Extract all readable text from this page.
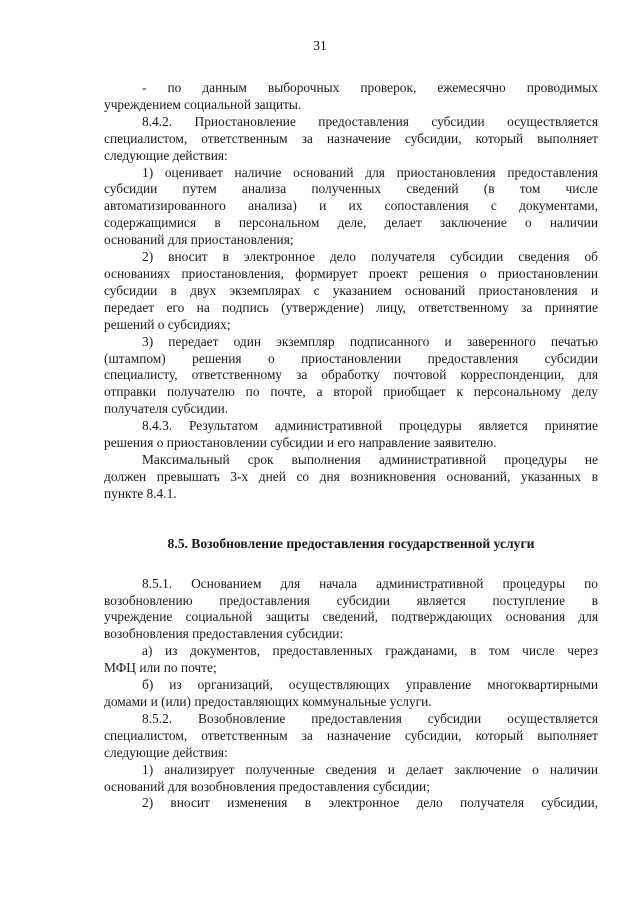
31
- по данным выборочных проверок, ежемесячно проводимых
учреждением социальной защиты.
8.4.2. Приостановление предоставления субсидии осуществляется
специалистом, ответственным за назначение субсидии, который выполняет
следующие действия:
1) оценивает наличие оснований для приостановления предоставления
субсидии путем анализа полученных сведений (в том числе
автоматизированного анализа) и их сопоставления с документами,
содержащимися в персональном деле, делает заключение о наличии
оснований для приостановления;
2) вносит в электронное дело получателя субсидии сведения об
основаниях приостановления, формирует проект решения о приостановлении
субсидии в двух экземплярах с указанием оснований приостановления и
передает его на подпись (утверждение) лицу, ответственному за принятие
решений о субсидиях;
3) передает один экземпляр подписанного и заверенного печатью
(штампом) решения о приостановлении предоставления субсидии
специалисту, ответственному за обработку почтовой корреспонденции, для
отправки получателю по почте, а второй приобщает к персональному делу
получателя субсидии.
8.4.3. Результатом административной процедуры является принятие
решения о приостановлении субсидии и его направление заявителю.
Максимальный срок выполнения административной процедуры не
должен превышать 3-х дней со дня возникновения оснований, указанных в
пункте 8.4.1.
8.5. Возобновление предоставления государственной услуги
8.5.1. Основанием для начала административной процедуры по
возобновлению предоставления субсидии является поступление в
учреждение социальной защиты сведений, подтверждающих основания для
возобновления предоставления субсидии:
а) из документов, предоставленных гражданами, в том числе через
МФЦ или по почте;
б) из организаций, осуществляющих управление многоквартирными
домами и (или) предоставляющих коммунальные услуги.
8.5.2. Возобновление предоставления субсидии осуществляется
специалистом, ответственным за назначение субсидии, который выполняет
следующие действия:
1) анализирует полученные сведения и делает заключение о наличии
оснований для возобновления предоставления субсидии;
2) вносит изменения в электронное дело получателя субсидии,
